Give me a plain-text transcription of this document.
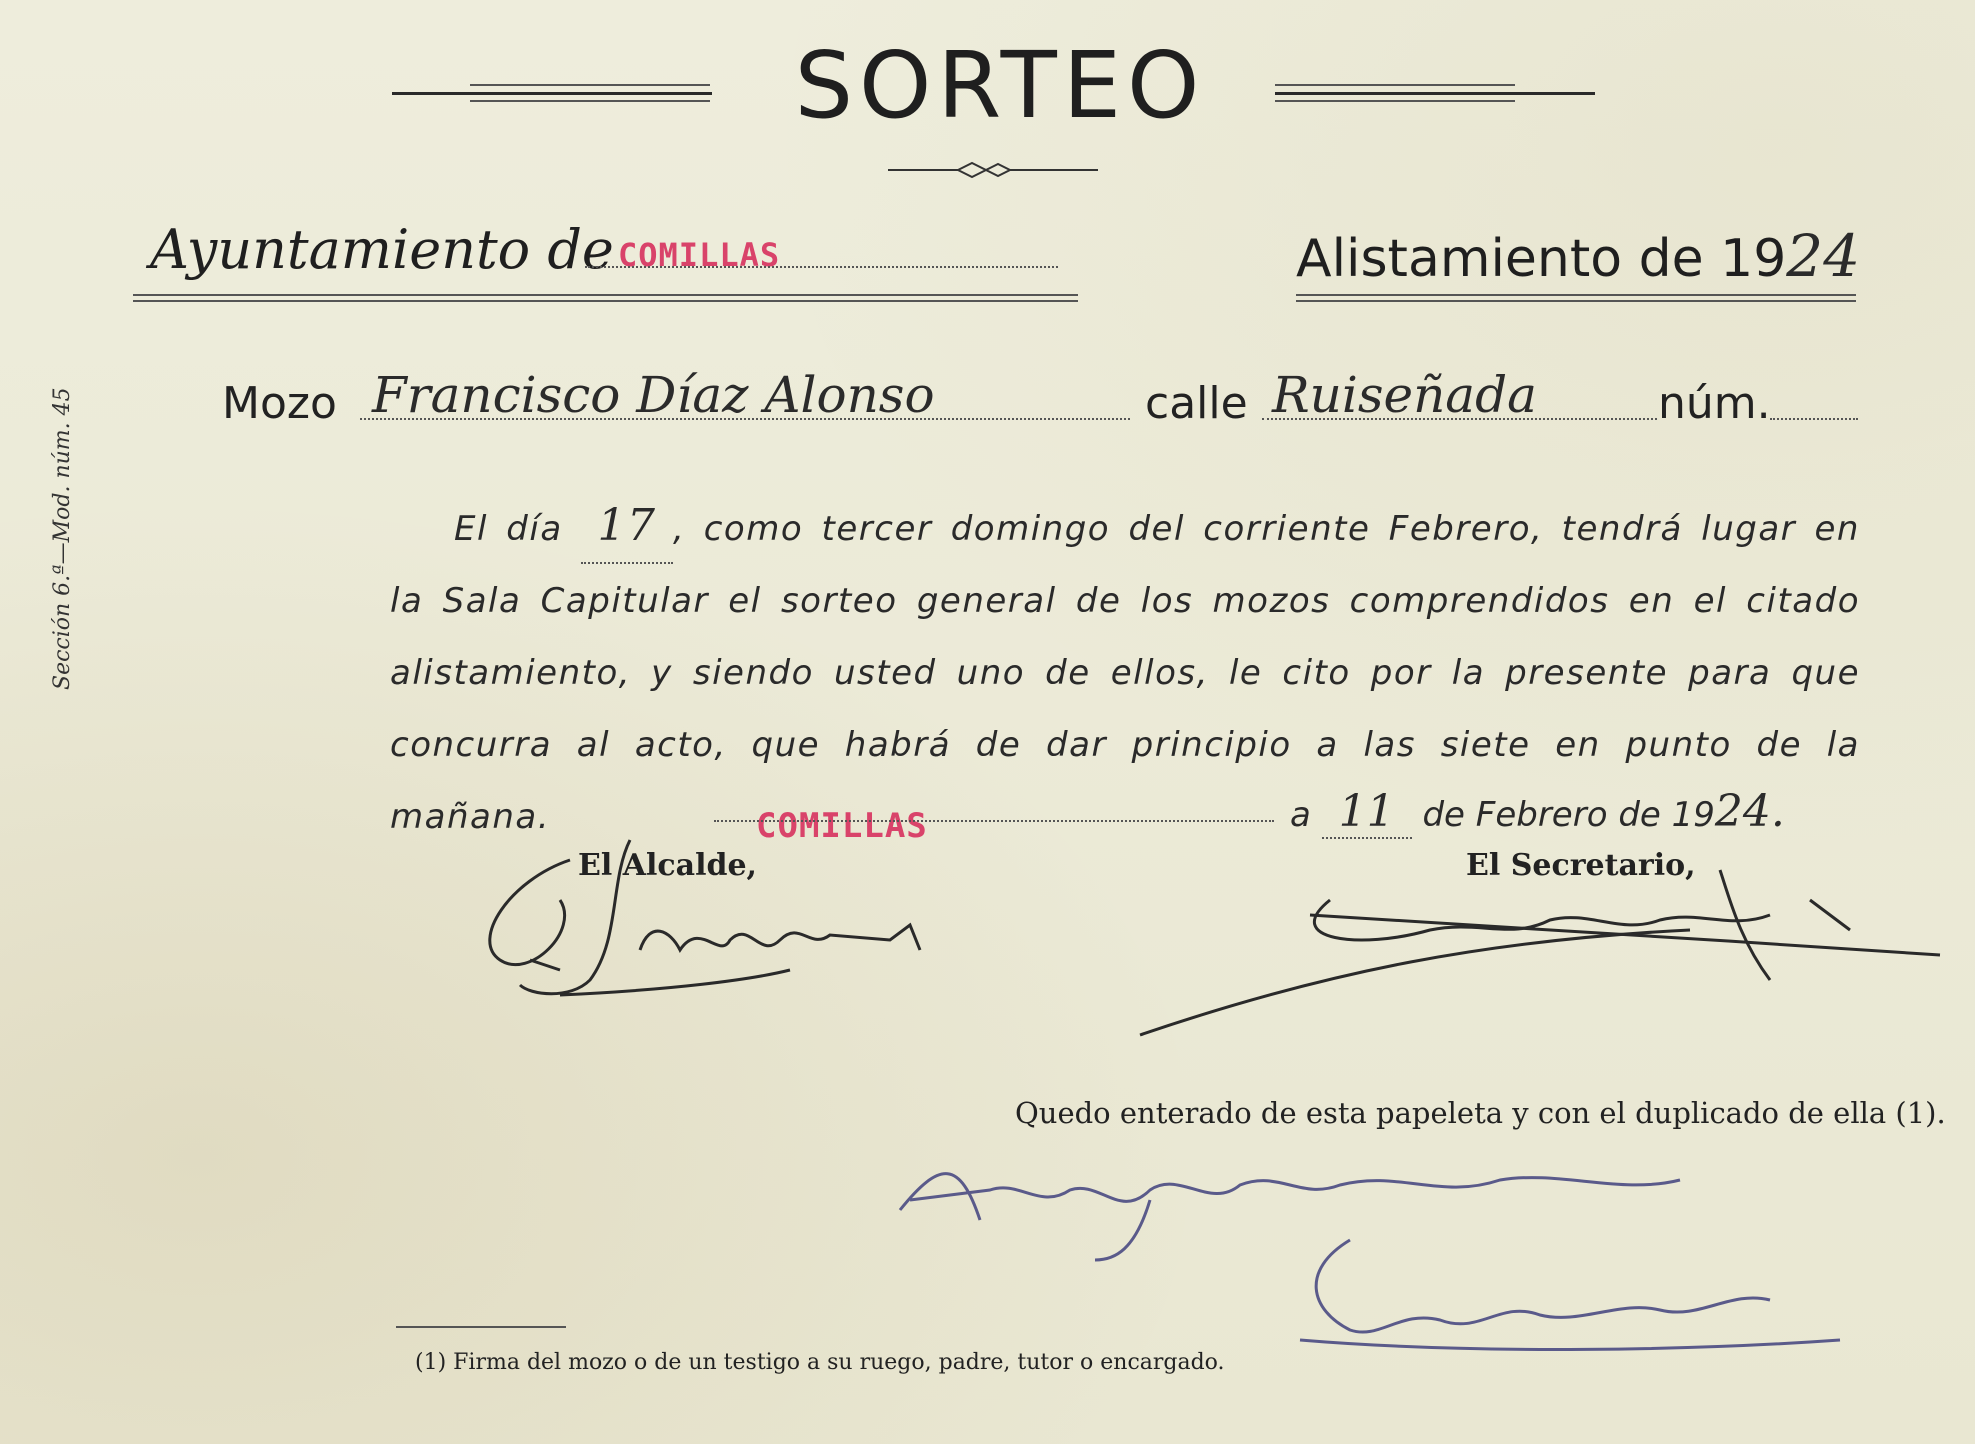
SORTEO
Ayuntamiento de COMILLAS	Alistamiento de 1924
Mozo Francisco Díaz Alonso	calle Ruiseñada	núm.
El día 17 , como tercer domingo del corriente Febrero, tendrá lugar en la Sala Capitular el sorteo general de los mozos comprendidos en el citado alistamiento, y siendo usted uno de ellos, le cito por la presente para que concurra al acto, que habrá de dar principio a las siete en punto de la mañana.	COMILLAS	a 11 de Febrero de 1924.
El Alcalde,	El Secretario,
Sección 6.ª—Mod. núm. 45
Quedo enterado de esta papeleta y con el duplicado de ella (1).
(1) Firma del mozo o de un testigo a su ruego, padre, tutor o encargado.
